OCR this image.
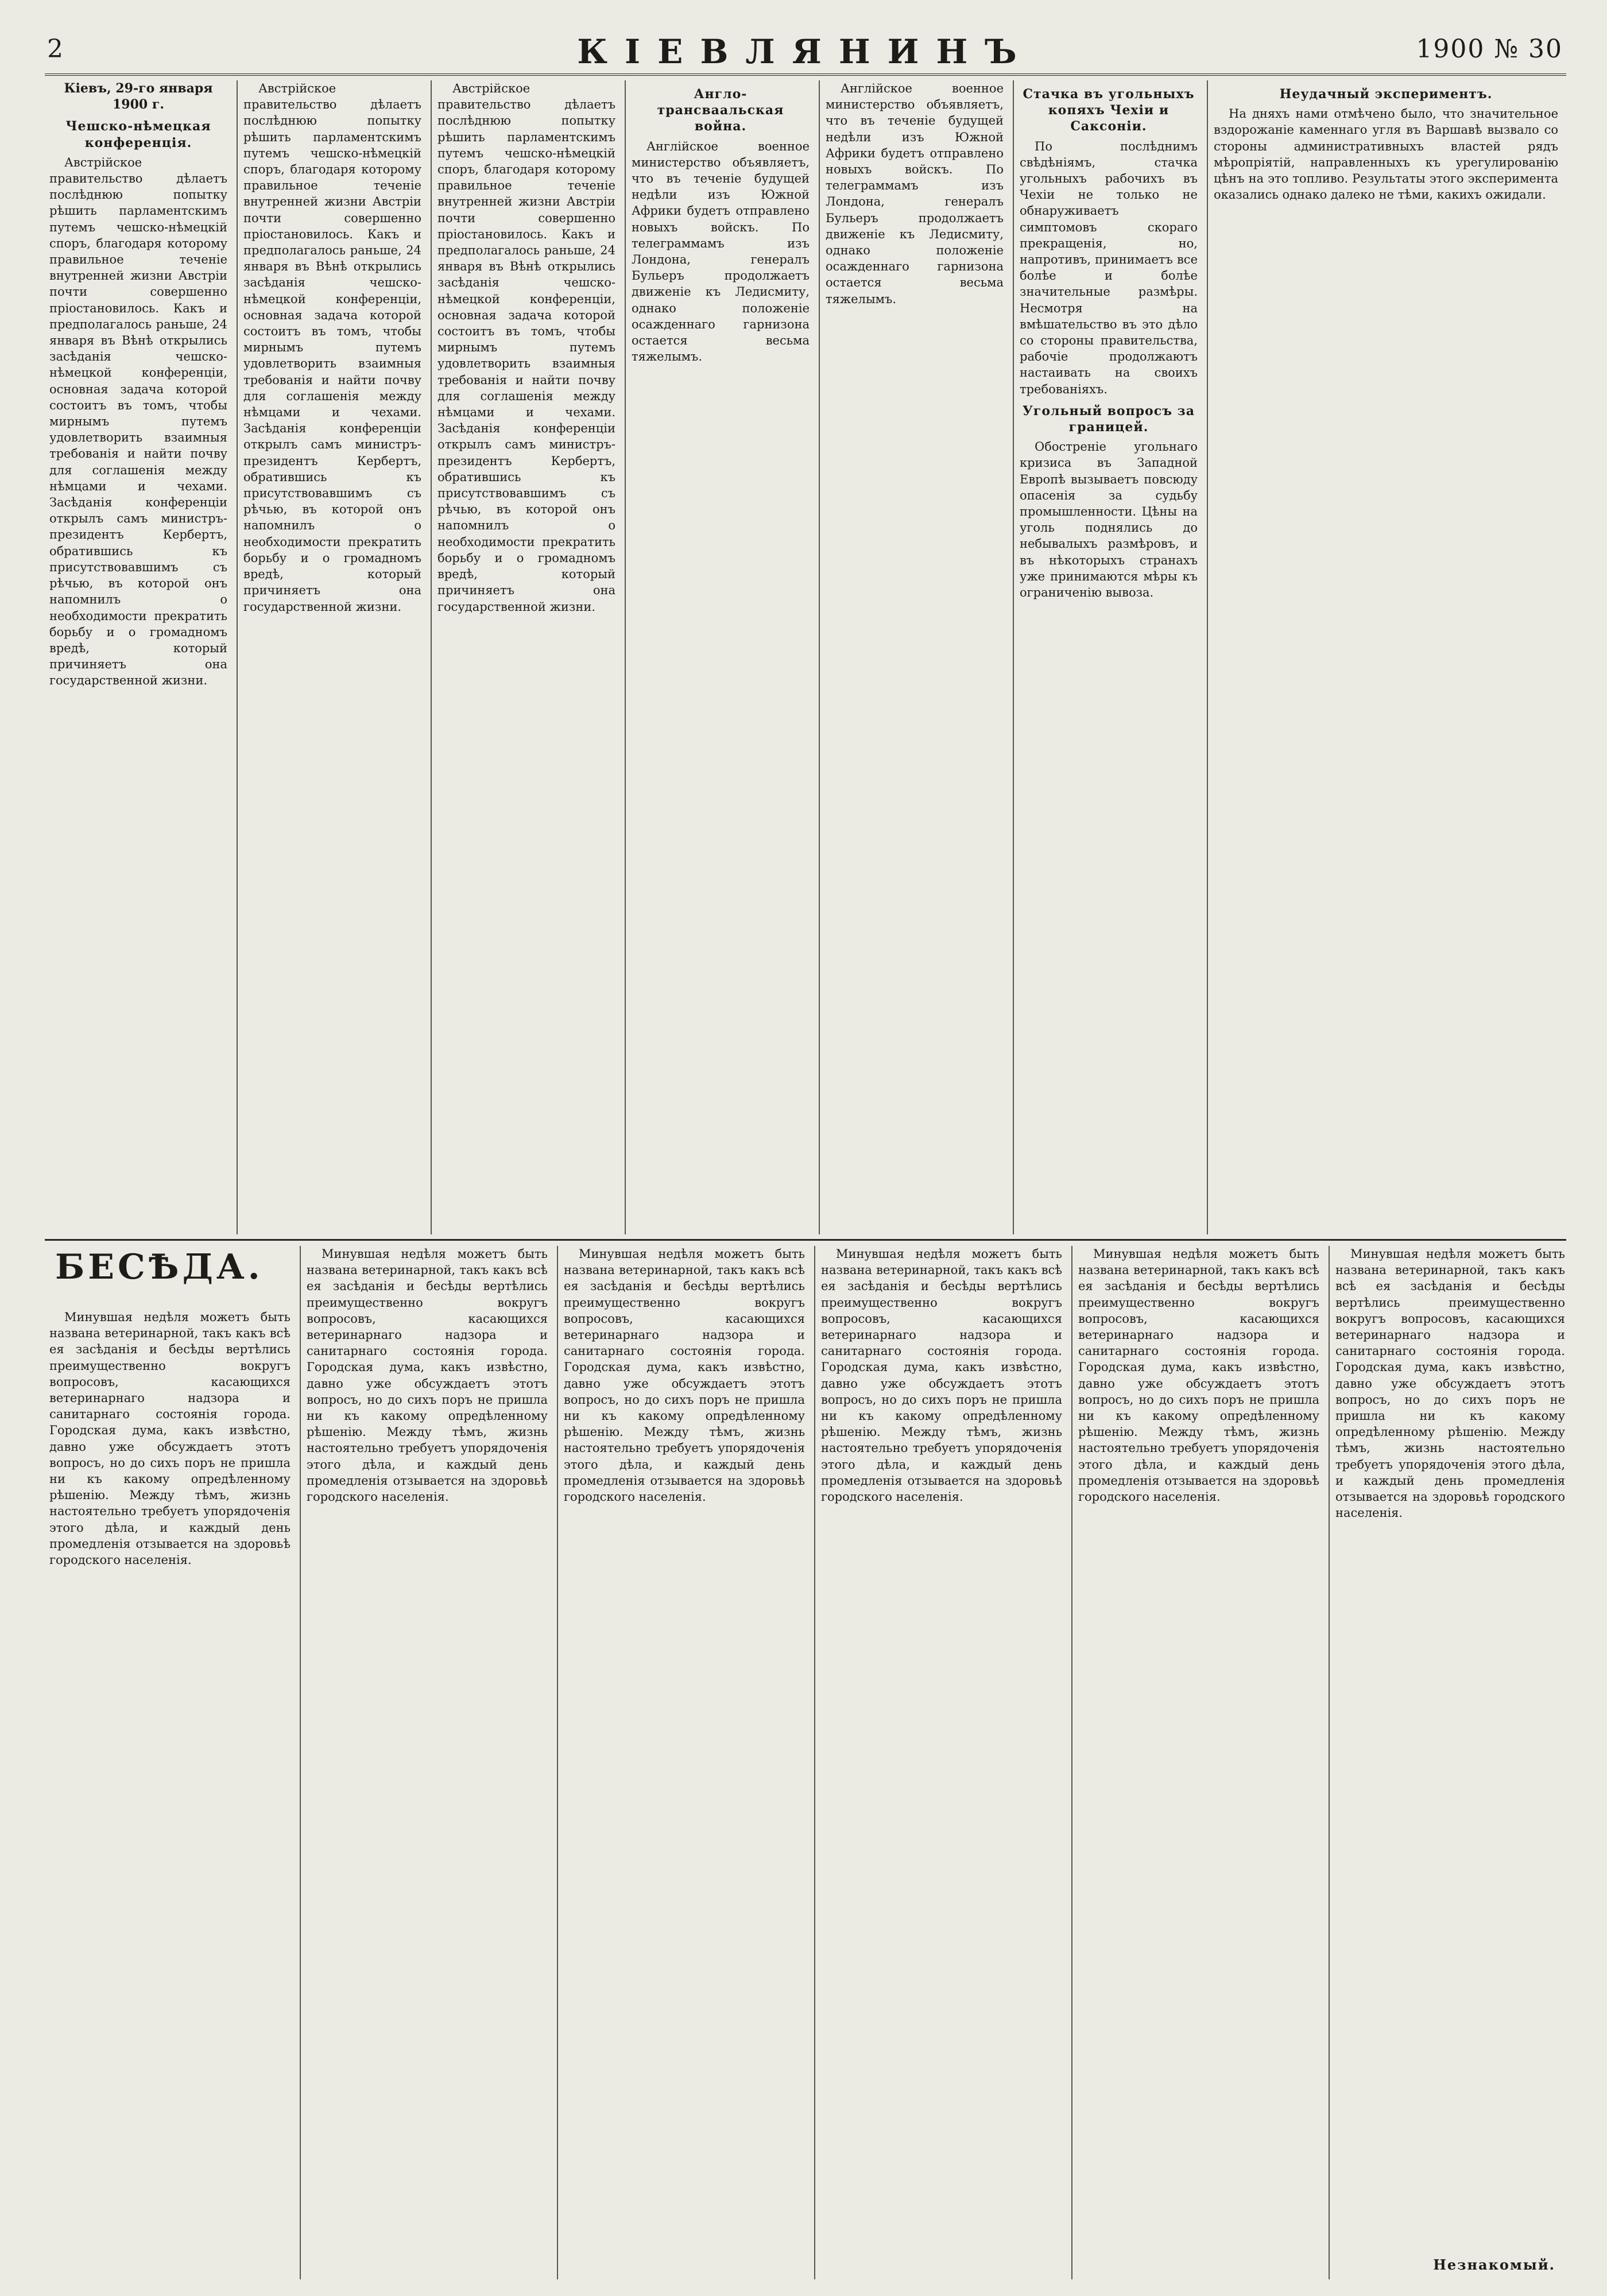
2	КІЕВЛЯНИНЪ	1900 № 30

Кіевъ, 29-го января 1900 г.

Чешско-нѣмецкая конференція.

Австрійское правительство дѣлаетъ послѣднюю попытку рѣшить парламентскимъ путемъ чешско-нѣмецкій споръ, благодаря которому правильное теченіе внутренней жизни Австріи почти совершенно пріостановилось. Какъ и предполагалось раньше, 24 января въ Вѣнѣ открылись засѣданія чешско-нѣмецкой конференціи, основная задача которой состоитъ въ томъ, чтобы мирнымъ путемъ удовлетворить взаимныя требованія и найти почву для соглашенія между нѣмцами и чехами. Засѣданія конференціи открылъ самъ министръ-президентъ Кербертъ, обратившись къ присутствовавшимъ съ рѣчью, въ которой онъ напомнилъ о необходимости прекратить борьбу и о громадномъ вредѣ, который причиняетъ она государственной жизни.

Австрійское правительство дѣлаетъ послѣднюю попытку рѣшить парламентскимъ путемъ чешско-нѣмецкій споръ, благодаря которому правильное теченіе внутренней жизни Австріи почти совершенно пріостановилось. Какъ и предполагалось раньше, 24 января въ Вѣнѣ открылись засѣданія чешско-нѣмецкой конференціи, основная задача которой состоитъ въ томъ, чтобы мирнымъ путемъ удовлетворить взаимныя требованія и найти почву для соглашенія между нѣмцами и чехами. Засѣданія конференціи открылъ самъ министръ-президентъ Кербертъ, обратившись къ присутствовавшимъ съ рѣчью, въ которой онъ напомнилъ о необходимости прекратить борьбу и о громадномъ вредѣ, который причиняетъ она государственной жизни.

Австрійское правительство дѣлаетъ послѣднюю попытку рѣшить парламентскимъ путемъ чешско-нѣмецкій споръ, благодаря которому правильное теченіе внутренней жизни Австріи почти совершенно пріостановилось. Какъ и предполагалось раньше, 24 января въ Вѣнѣ открылись засѣданія чешско-нѣмецкой конференціи, основная задача которой состоитъ въ томъ, чтобы мирнымъ путемъ удовлетворить взаимныя требованія и найти почву для соглашенія между нѣмцами и чехами. Засѣданія конференціи открылъ самъ министръ-президентъ Кербертъ, обратившись къ присутствовавшимъ съ рѣчью, въ которой онъ напомнилъ о необходимости прекратить борьбу и о громадномъ вредѣ, который причиняетъ она государственной жизни.

Англо-трансваальская война.

Англійское военное министерство объявляетъ, что въ теченіе будущей недѣли изъ Южной Африки будетъ отправлено новыхъ войскъ. По телеграммамъ изъ Лондона, генералъ Бульеръ продолжаетъ движеніе къ Ледисмиту, однако положеніе осажденнаго гарнизона остается весьма тяжелымъ.

Англійское военное министерство объявляетъ, что въ теченіе будущей недѣли изъ Южной Африки будетъ отправлено новыхъ войскъ. По телеграммамъ изъ Лондона, генералъ Бульеръ продолжаетъ движеніе къ Ледисмиту, однако положеніе осажденнаго гарнизона остается весьма тяжелымъ.

Стачка въ угольныхъ копяхъ Чехіи и Саксоніи.

По послѣднимъ свѣдѣніямъ, стачка угольныхъ рабочихъ въ Чехіи не только не обнаруживаетъ симптомовъ скораго прекращенія, но, напротивъ, принимаетъ все болѣе и болѣе значительные размѣры. Несмотря на вмѣшательство въ это дѣло со стороны правительства, рабочіе продолжаютъ настаивать на своихъ требованіяхъ.

Угольный вопросъ за границей.

Обостреніе угольнаго кризиса въ Западной Европѣ вызываетъ повсюду опасенія за судьбу промышленности. Цѣны на уголь поднялись до небывалыхъ размѣровъ, и въ нѣкоторыхъ странахъ уже принимаются мѣры къ ограниченію вывоза.

Неудачный экспериментъ.

На дняхъ нами отмѣчено было, что значительное вздорожаніе каменнаго угля въ Варшавѣ вызвало со стороны административныхъ властей рядъ мѣропріятій, направленныхъ къ урегулированію цѣнъ на это топливо. Результаты этого эксперимента оказались однако далеко не тѣми, какихъ ожидали.

БЕСѢДА.

Минувшая недѣля можетъ быть названа ветеринарной, такъ какъ всѣ ея засѣданія и бесѣды вертѣлись преимущественно вокругъ вопросовъ, касающихся ветеринарнаго надзора и санитарнаго состоянія города. Городская дума, какъ извѣстно, давно уже обсуждаетъ этотъ вопросъ, но до сихъ поръ не пришла ни къ какому опредѣленному рѣшенію. Между тѣмъ, жизнь настоятельно требуетъ упорядоченія этого дѣла, и каждый день промедленія отзывается на здоровьѣ городского населенія.

Минувшая недѣля можетъ быть названа ветеринарной, такъ какъ всѣ ея засѣданія и бесѣды вертѣлись преимущественно вокругъ вопросовъ, касающихся ветеринарнаго надзора и санитарнаго состоянія города. Городская дума, какъ извѣстно, давно уже обсуждаетъ этотъ вопросъ, но до сихъ поръ не пришла ни къ какому опредѣленному рѣшенію. Между тѣмъ, жизнь настоятельно требуетъ упорядоченія этого дѣла, и каждый день промедленія отзывается на здоровьѣ городского населенія.

Минувшая недѣля можетъ быть названа ветеринарной, такъ какъ всѣ ея засѣданія и бесѣды вертѣлись преимущественно вокругъ вопросовъ, касающихся ветеринарнаго надзора и санитарнаго состоянія города. Городская дума, какъ извѣстно, давно уже обсуждаетъ этотъ вопросъ, но до сихъ поръ не пришла ни къ какому опредѣленному рѣшенію. Между тѣмъ, жизнь настоятельно требуетъ упорядоченія этого дѣла, и каждый день промедленія отзывается на здоровьѣ городского населенія.

Минувшая недѣля можетъ быть названа ветеринарной, такъ какъ всѣ ея засѣданія и бесѣды вертѣлись преимущественно вокругъ вопросовъ, касающихся ветеринарнаго надзора и санитарнаго состоянія города. Городская дума, какъ извѣстно, давно уже обсуждаетъ этотъ вопросъ, но до сихъ поръ не пришла ни къ какому опредѣленному рѣшенію. Между тѣмъ, жизнь настоятельно требуетъ упорядоченія этого дѣла, и каждый день промедленія отзывается на здоровьѣ городского населенія.

Минувшая недѣля можетъ быть названа ветеринарной, такъ какъ всѣ ея засѣданія и бесѣды вертѣлись преимущественно вокругъ вопросовъ, касающихся ветеринарнаго надзора и санитарнаго состоянія города. Городская дума, какъ извѣстно, давно уже обсуждаетъ этотъ вопросъ, но до сихъ поръ не пришла ни къ какому опредѣленному рѣшенію. Между тѣмъ, жизнь настоятельно требуетъ упорядоченія этого дѣла, и каждый день промедленія отзывается на здоровьѣ городского населенія.

Минувшая недѣля можетъ быть названа ветеринарной, такъ какъ всѣ ея засѣданія и бесѣды вертѣлись преимущественно вокругъ вопросовъ, касающихся ветеринарнаго надзора и санитарнаго состоянія города. Городская дума, какъ извѣстно, давно уже обсуждаетъ этотъ вопросъ, но до сихъ поръ не пришла ни къ какому опредѣленному рѣшенію. Между тѣмъ, жизнь настоятельно требуетъ упорядоченія этого дѣла, и каждый день промедленія отзывается на здоровьѣ городского населенія.

Незнакомый.
